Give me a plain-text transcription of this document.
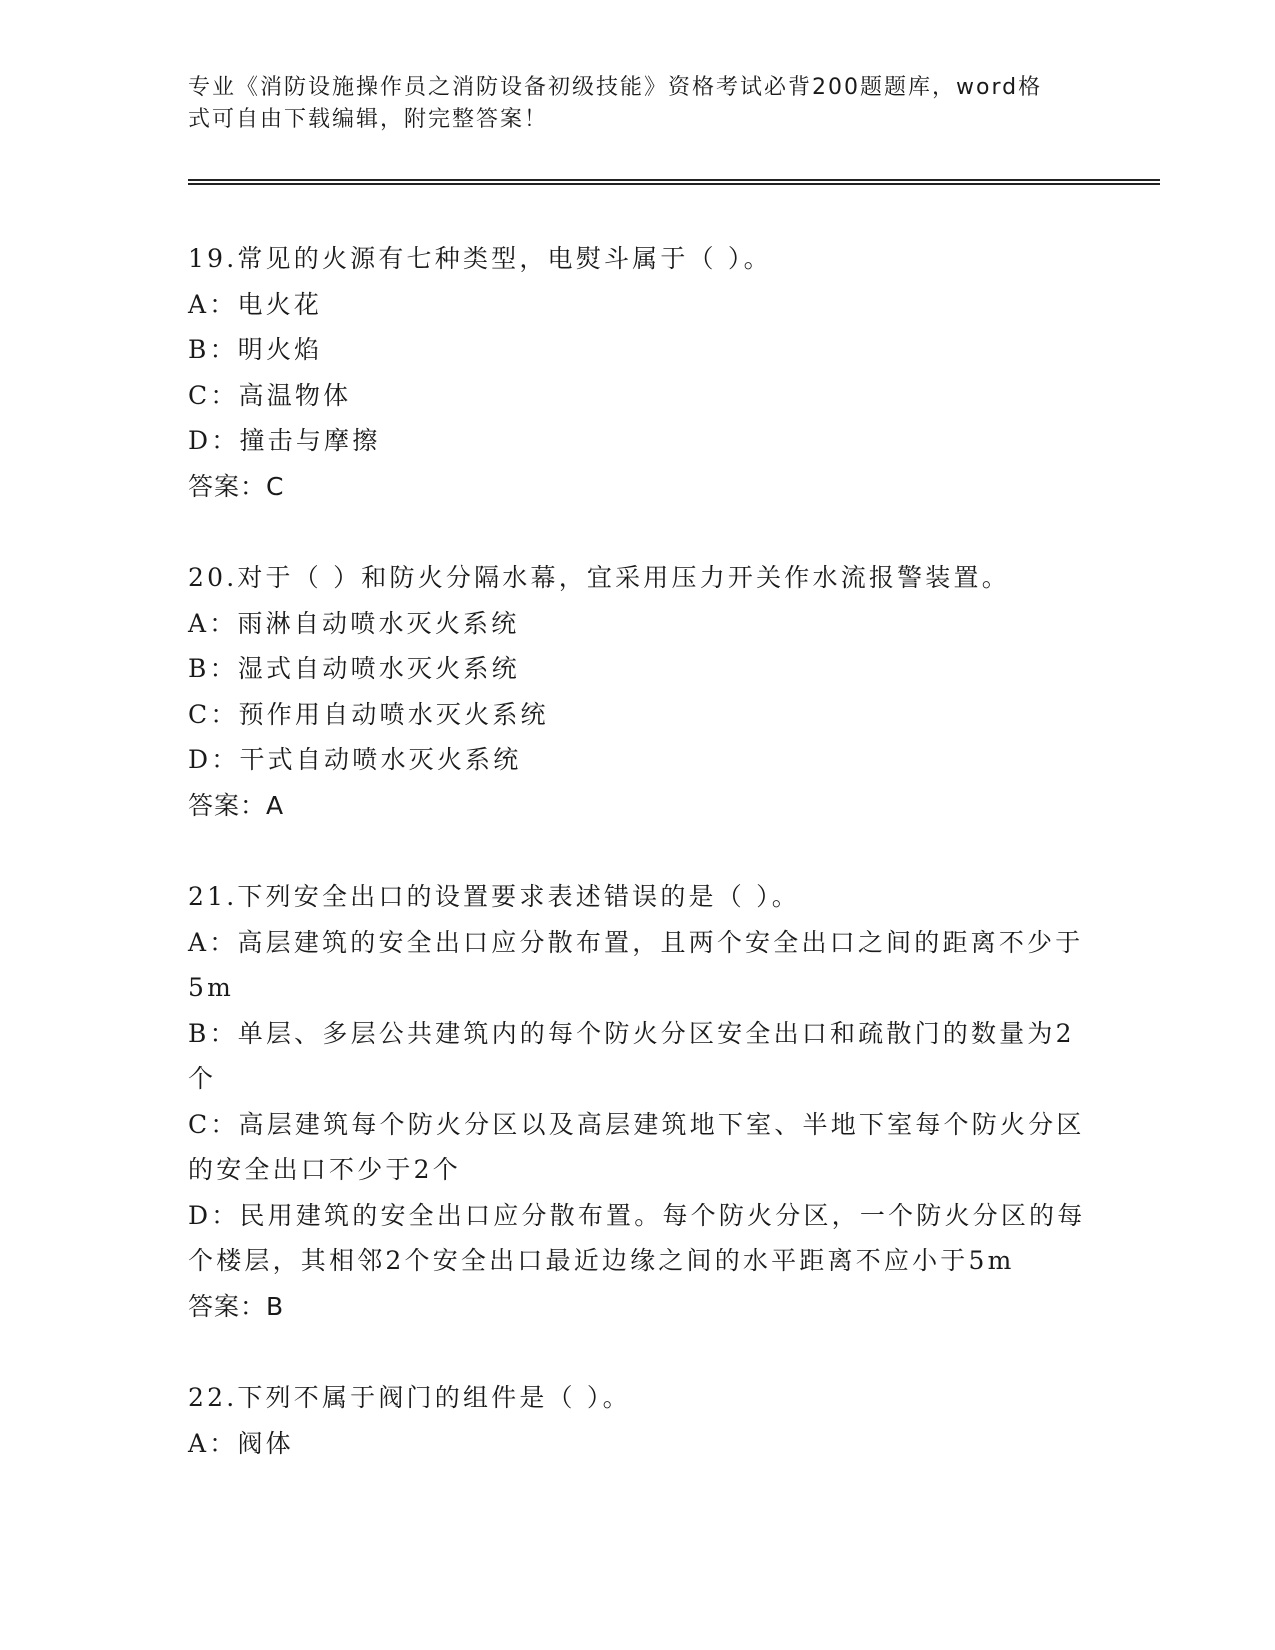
专业《消防设施操作员之消防设备初级技能》资格考试必背200题题库，word格
式可自由下载编辑，附完整答案！
19.常见的火源有七种类型，电熨斗属于（ ）。
A：电火花
B：明火焰
C：高温物体
D：撞击与摩擦
答案：C
20.对于（ ）和防火分隔水幕，宜采用压力开关作水流报警装置。
A：雨淋自动喷水灭火系统
B：湿式自动喷水灭火系统
C：预作用自动喷水灭火系统
D：干式自动喷水灭火系统
答案：A
21.下列安全出口的设置要求表述错误的是（ ）。
A：高层建筑的安全出口应分散布置，且两个安全出口之间的距离不少于5m
B：单层、多层公共建筑内的每个防火分区安全出口和疏散门的数量为2个
C：高层建筑每个防火分区以及高层建筑地下室、半地下室每个防火分区的安全出口不少于2个
D：民用建筑的安全出口应分散布置。每个防火分区，一个防火分区的每个楼层，其相邻2个安全出口最近边缘之间的水平距离不应小于5m
答案：B
22.下列不属于阀门的组件是（ ）。
A：阀体
